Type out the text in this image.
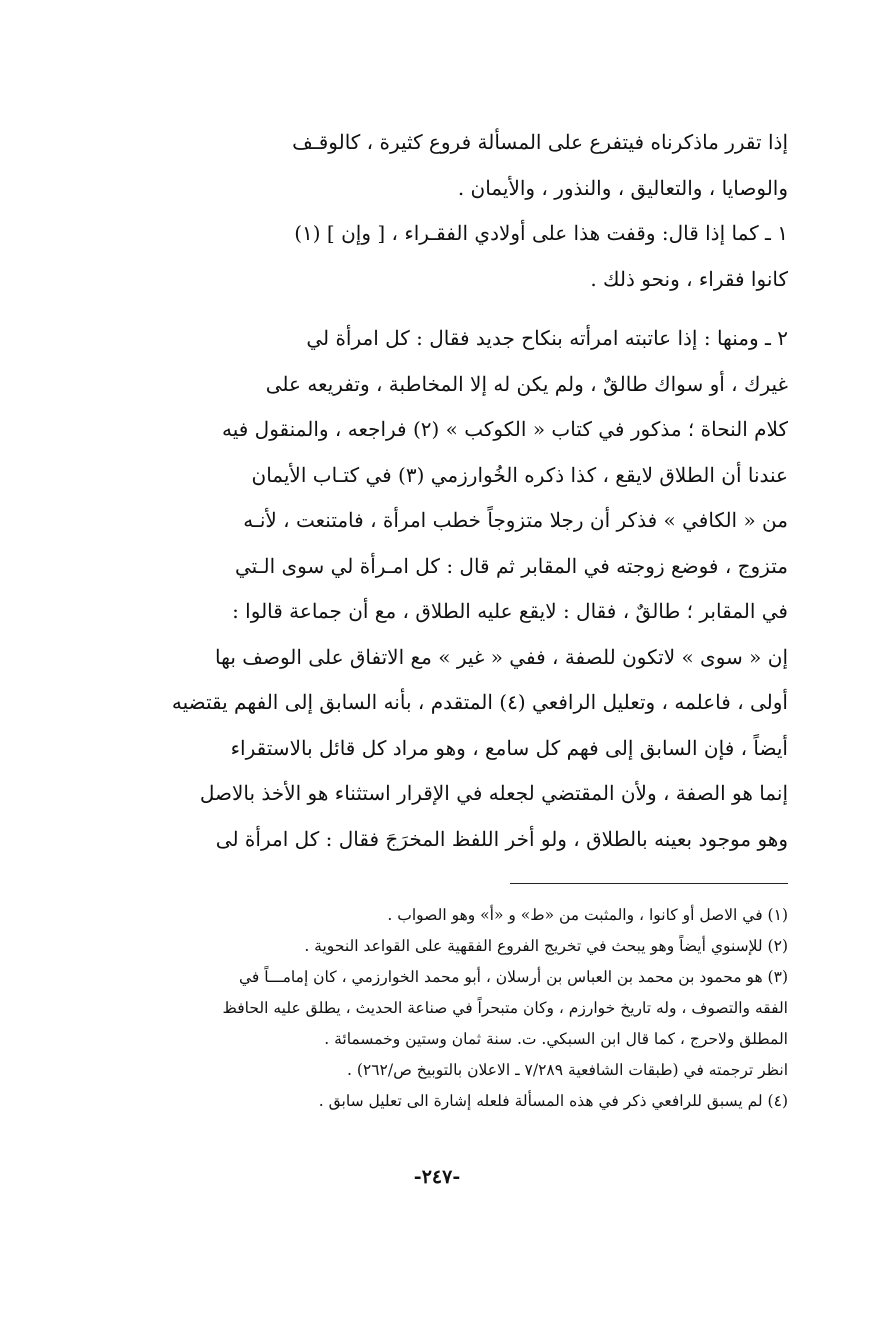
إذا تقرر ماذكرناه فيتفرع على المسألة فروع كثيرة ، كالوقـف
والوصايا ، والتعاليق ، والنذور ، والأيمان .
١ ـ كما إذا قال: وقفت هذا على أولادي الفقـراء ، [ وإن ] (١)
كانوا فقراء ، ونحو ذلك .
٢ ـ ومنها : إذا عاتبته امرأته بنكاح جديد فقال : كل امرأة لي
غيرك ، أو سواك طالقٌ ، ولم يكن له إلا المخاطبة ، وتفريعه على
كلام النحاة ؛ مذكور في كتاب « الكوكب » (٢) فراجعه ، والمنقول فيه
عندنا أن الطلاق لايقع ، كذا ذكره الخُوارزمي (٣) في كتـاب الأيمان
من « الكافي » فذكر أن رجلا متزوجاً خطب امرأة ، فامتنعت ، لأنـه
متزوج ، فوضع زوجته في المقابر ثم قال : كل امـرأة لي سوى الـتي
في المقابر ؛ طالقٌ ، فقال : لايقع عليه الطلاق ، مع أن جماعة قالوا :
إن « سوى » لاتكون للصفة ، ففي « غير » مع الاتفاق على الوصف بها
أولى ، فاعلمه ، وتعليل الرافعي (٤) المتقدم ، بأنه السابق إلى الفهم يقتضيه
أيضاً ، فإن السابق إلى فهم كل سامع ، وهو مراد كل قائل بالاستقراء
إنما هو الصفة ، ولأن المقتضي لجعله في الإقرار استثناء هو الأخذ بالاصل
وهو موجود بعينه بالطلاق ، ولو أخر اللفظ المخرَجَ فقال : كل امرأة لى
(١) في الاصل أو كانوا ، والمثبت من «ط» و «أ» وهو الصواب .
(٢) للإسنوي أيضاً وهو يبحث في تخريج الفروع الفقهية على القواعد النحوية .
(٣) هو محمود بن محمد بن العباس بن أرسلان ، أبو محمد الخوارزمي ، كان إمامـــاً في
الفقه والتصوف ، وله تاريخ خوارزم ، وكان متبحراً في صناعة الحديث ، يطلق عليه الحافظ
المطلق ولاحرج ، كما قال ابن السبكي. ت. سنة ثمان وستين وخمسمائة .
انظر ترجمته في (طبقات الشافعية ٧/٢٨٩ ـ الاعلان بالتوبيخ ص/٢٦٢) .
(٤) لم يسبق للرافعي ذكر في هذه المسألة فلعله إشارة الى تعليل سابق .
-٢٤٧-
